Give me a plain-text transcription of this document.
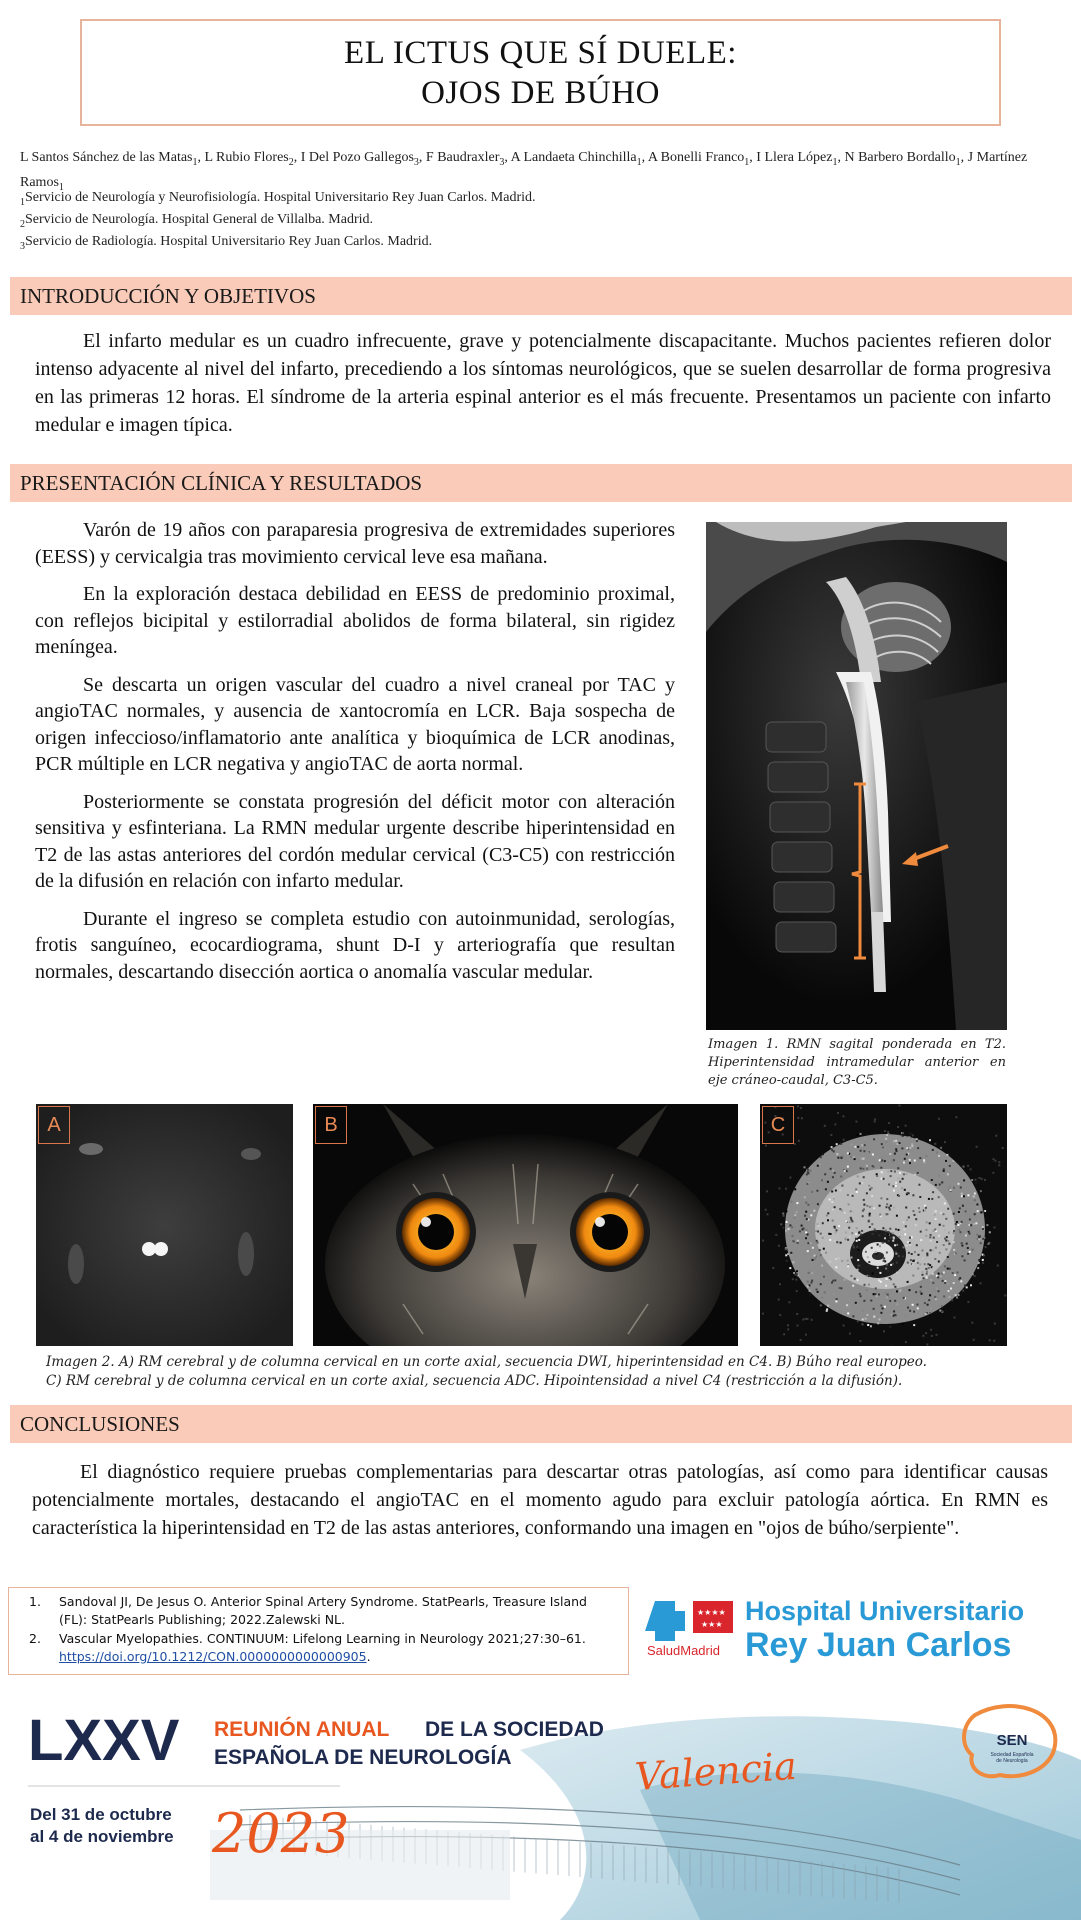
EL ICTUS QUE SÍ DUELE:
OJOS DE BÚHO
L Santos Sánchez de las Matas$_1$, L Rubio Flores$_2$, I Del Pozo Gallegos$_3$, F Baudraxler$_3$, A Landaeta Chinchilla$_1$, A Bonelli Franco$_1$, I Llera López$_1$, N Barbero Bordallo$_1$, J Martínez Ramos$_1$
$_1$Servicio de Neurología y Neurofisiología. Hospital Universitario Rey Juan Carlos. Madrid.
$_2$Servicio de Neurología. Hospital General de Villalba. Madrid.
$_3$Servicio de Radiología. Hospital Universitario Rey Juan Carlos. Madrid.
INTRODUCCIÓN Y OBJETIVOS
El infarto medular es un cuadro infrecuente, grave y potencialmente discapacitante. Muchos pacientes refieren dolor intenso adyacente al nivel del infarto, precediendo a los síntomas neurológicos, que se suelen desarrollar de forma progresiva en las primeras 12 horas. El síndrome de la arteria espinal anterior es el más frecuente. Presentamos un paciente con infarto medular e imagen típica.
PRESENTACIÓN CLÍNICA Y RESULTADOS

Varón de 19 años con paraparesia progresiva de extremidades superiores (EESS) y cervicalgia tras movimiento cervical leve esa mañana.

En la exploración destaca debilidad en EESS de predominio proximal, con reflejos bicipital y estilorradial abolidos de forma bilateral, sin rigidez meníngea.

Se descarta un origen vascular del cuadro a nivel craneal por TAC y angioTAC normales, y ausencia de xantocromía en LCR. Baja sospecha de origen infeccioso/inflamatorio ante analítica y bioquímica de LCR anodinas, PCR múltiple en LCR negativa y angioTAC de aorta normal.

Posteriormente se constata progresión del déficit motor con alteración sensitiva y esfinteriana. La RMN medular urgente describe hiperintensidad en T2 de las astas anteriores del cordón medular cervical (C3-C5) con restricción de la difusión en relación con infarto medular.

Durante el ingreso se completa estudio con autoinmunidad, serologías, frotis sanguíneo, ecocardiograma, shunt D-I y arteriografía que resultan normales, descartando disección aortica o anomalía vascular medular.

Imagen 1. RMN sagital ponderada en T2. Hiperintensidad intramedular anterior en eje cráneo-caudal, C3-C5.
A	B	C
Imagen 2. A) RM cerebral y de columna cervical en un corte axial, secuencia DWI, hiperintensidad en C4. B) Búho real europeo.
C) RM cerebral y de columna cervical en un corte axial, secuencia ADC. Hipointensidad a nivel C4 (restricción a la difusión).
CONCLUSIONES
El diagnóstico requiere pruebas complementarias para descartar otras patologías, así como para identificar causas potencialmente mortales, destacando el angioTAC en el momento agudo para excluir patología aórtica. En RMN es característica la hiperintensidad en T2 de las astas anteriores, conformando una imagen en "ojos de búho/serpiente".
1. Sandoval JI, De Jesus O. Anterior Spinal Artery Syndrome. StatPearls, Treasure Island (FL): StatPearls Publishing; 2022.Zalewski NL.
2. Vascular Myelopathies. CONTINUUM: Lifelong Learning in Neurology 2021;27:30–61. https://doi.org/10.1212/CON.0000000000000905.
★★★★
★★★
SaludMadrid
Hospital Universitario
Rey Juan Carlos
SEN
Sociedad Española
de Neurología
LXXV REUNIÓN ANUAL DE LA SOCIEDAD
ESPAÑOLA DE NEUROLOGÍA
Del 31 de octubre
al 4 de noviembre 2023
Valencia
